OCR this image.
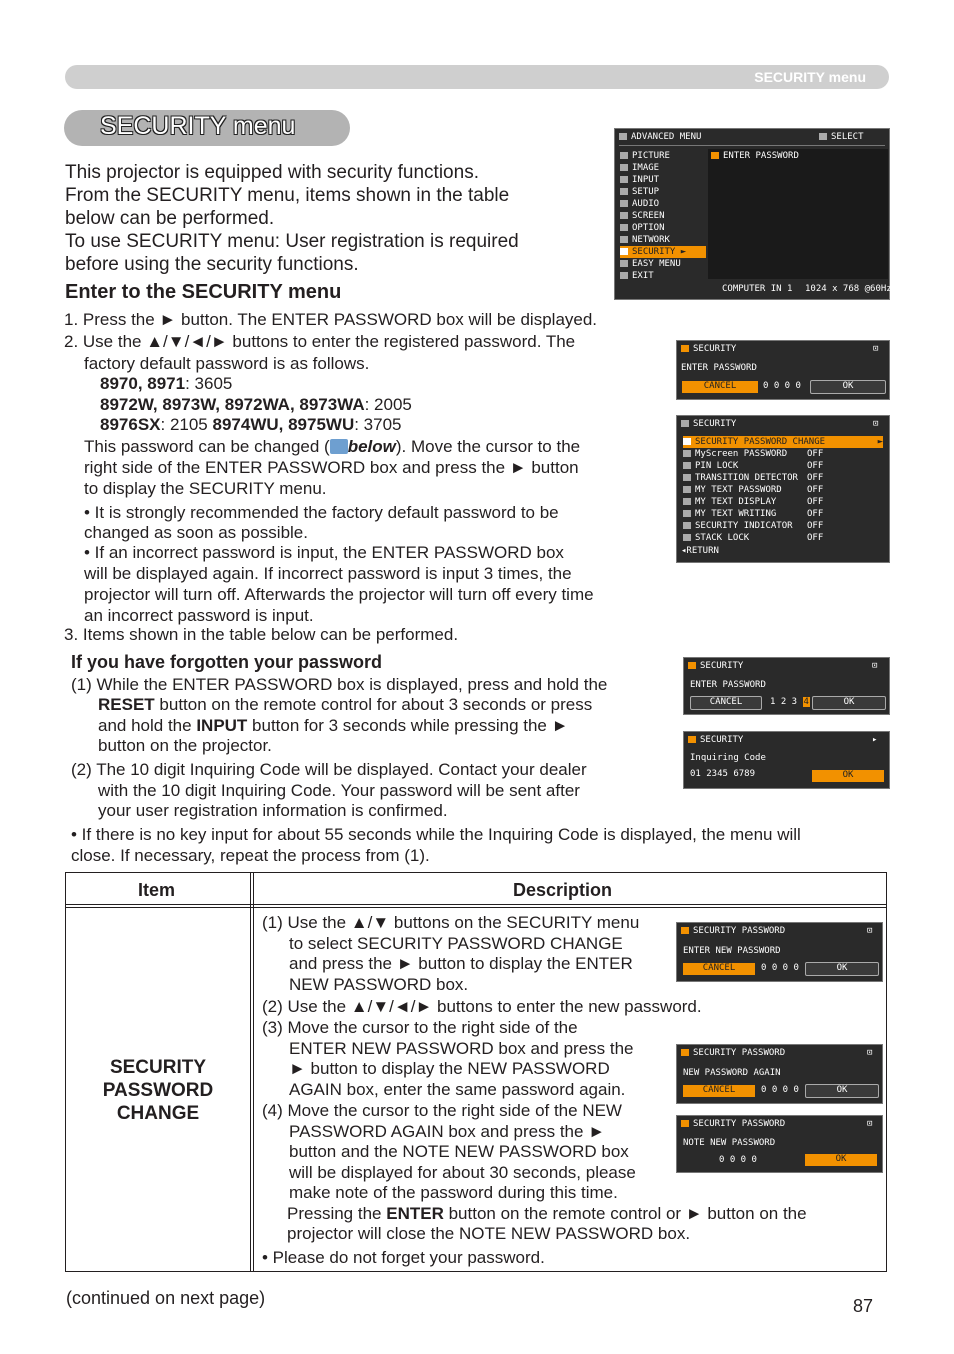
SECURITY menu
SECURITY menu
This projector is equipped with security functions.
From the SECURITY menu, items shown in the table
below can be performed.
To use SECURITY menu: User registration is required
before using the security functions.
Enter to the SECURITY menu
1. Press the ► button. The ENTER PASSWORD box will be displayed.
2. Use the ▲/▼/◄/► buttons to enter the registered password. The
factory default password is as follows.
8970, 8971: 3605
8972W, 8973W, 8972WA, 8973WA: 2005
8976SX: 2105 8974WU, 8975WU: 3705
This password can be changed ( below). Move the cursor to the
right side of the ENTER PASSWORD box and press the ► button
to display the SECURITY menu.
• It is strongly recommended the factory default password to be
changed as soon as possible.
• If an incorrect password is input, the ENTER PASSWORD box
will be displayed again. If incorrect password is input 3 times, the
projector will turn off. Afterwards the projector will turn off every time
an incorrect password is input.
3. Items shown in the table below can be performed.
If you have forgotten your password
(1) While the ENTER PASSWORD box is displayed, press and hold the
RESET button on the remote control for about 3 seconds or press
and hold the INPUT button for 3 seconds while pressing the ►
button on the projector.
(2) The 10 digit Inquiring Code will be displayed. Contact your dealer
with the 10 digit Inquiring Code. Your password will be sent after
your user registration information is confirmed.
• If there is no key input for about 55 seconds while the Inquiring Code is displayed, the menu will
close. If necessary, repeat the process from (1).
Item	Description
SECURITY
PASSWORD
CHANGE
(1) Use the ▲/▼ buttons on the SECURITY menu
to select SECURITY PASSWORD CHANGE
and press the ► button to display the ENTER
NEW PASSWORD box.
(2) Use the ▲/▼/◄/► buttons to enter the new password.
(3) Move the cursor to the right side of the
ENTER NEW PASSWORD box and press the
► button to display the NEW PASSWORD
AGAIN box, enter the same password again.
(4) Move the cursor to the right side of the NEW
PASSWORD AGAIN box and press the ►
button and the NOTE NEW PASSWORD box
will be displayed for about 30 seconds, please
make note of the password during this time.
Pressing the ENTER button on the remote control or ► button on the
projector will close the NOTE NEW PASSWORD box.
• Please do not forget your password.
(continued on next page)	87
ADVANCED MENU	SELECT
ENTER PASSWORD
PICTURE
IMAGE
INPUT
SETUP
AUDIO
SCREEN
OPTION
NETWORK
SECURITY ►
EASY MENU
EXIT
COMPUTER IN 1 1024 x 768 @60Hz
SECURITY	⊡
ENTER PASSWORD
CANCEL	0 0 0 0	OK
SECURITY	⊡
SECURITY PASSWORD CHANGE	►
MyScreen PASSWORD OFF
PIN LOCK	OFF
TRANSITION DETECTOR OFF
MY TEXT PASSWORD	OFF
MY TEXT DISPLAY	OFF
MY TEXT WRITING	OFF
SECURITY INDICATOR OFF
STACK LOCK	OFF
◂RETURN
SECURITY	⊡
ENTER PASSWORD
CANCEL	1 2 3 4	OK
SECURITY	▸
Inquiring Code
01 2345 6789	OK
SECURITY PASSWORD	⊡
ENTER NEW PASSWORD
CANCEL	0 0 0 0	OK
SECURITY PASSWORD	⊡
NEW PASSWORD AGAIN
CANCEL	0 0 0 0	OK
SECURITY PASSWORD	⊡
NOTE NEW PASSWORD
0 0 0 0	OK
